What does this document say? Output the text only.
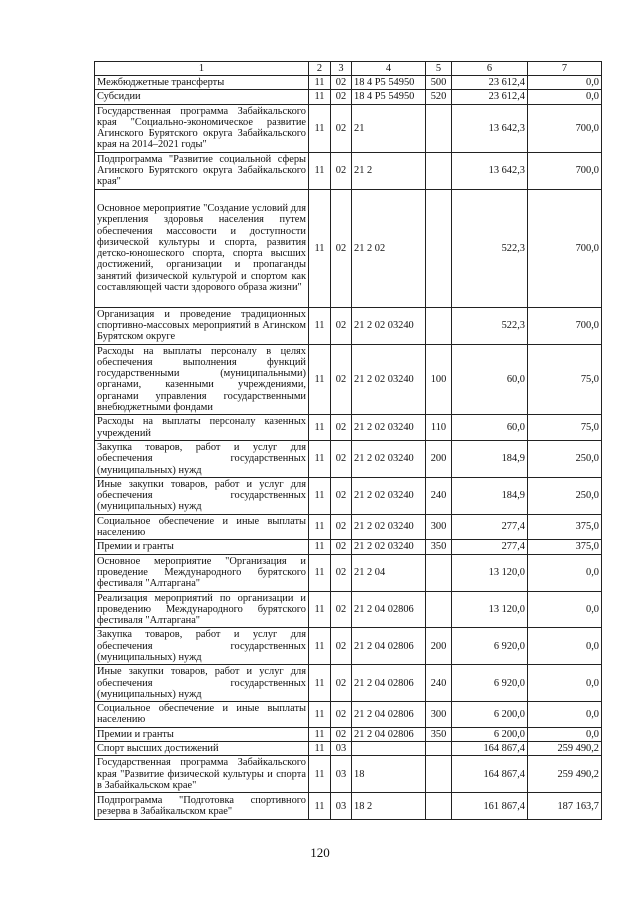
1	2	3	4	5	6	7
Межбюджетные трансферты	11	02	18 4 P5 54950	500	23 612,4	0,0
Субсидии	11	02	18 4 P5 54950	520	23 612,4	0,0
Государственная программа Забайкальского края "Социально-экономическое развитие Агинского Бурятского округа Забайкальского края на 2014–2021 годы"	11	02	21		13 642,3	700,0
Подпрограмма "Развитие социальной сферы Агинского Бурятского округа Забайкальского края"	11	02	21 2		13 642,3	700,0
Основное мероприятие "Создание условий для укрепления здоровья населения путем обеспечения массовости и доступности физической культуры и спорта, развития детско-юношеского спорта, спорта высших достижений, организации и пропаганды занятий физической культурой и спортом как составляющей части здорового образа жизни"	11	02	21 2 02		522,3	700,0
Организация и проведение традиционных спортивно-массовых мероприятий в Агинском Бурятском округе	11	02	21 2 02 03240		522,3	700,0
Расходы на выплаты персоналу в целях обеспечения выполнения функций государственными (муниципальными) органами, казенными учреждениями, органами управления государственными внебюджетными фондами	11	02	21 2 02 03240	100	60,0	75,0
Расходы на выплаты персоналу казенных учреждений	11	02	21 2 02 03240	110	60,0	75,0
Закупка товаров, работ и услуг для обеспечения государственных (муниципальных) нужд	11	02	21 2 02 03240	200	184,9	250,0
Иные закупки товаров, работ и услуг для обеспечения государственных (муниципальных) нужд	11	02	21 2 02 03240	240	184,9	250,0
Социальное обеспечение и иные выплаты населению	11	02	21 2 02 03240	300	277,4	375,0
Премии и гранты	11	02	21 2 02 03240	350	277,4	375,0
Основное мероприятие "Организация и проведение Международного бурятского фестиваля "Алтаргана"	11	02	21 2 04		13 120,0	0,0
Реализация мероприятий по организации и проведению Международного бурятского фестиваля "Алтаргана"	11	02	21 2 04 02806		13 120,0	0,0
Закупка товаров, работ и услуг для обеспечения государственных (муниципальных) нужд	11	02	21 2 04 02806	200	6 920,0	0,0
Иные закупки товаров, работ и услуг для обеспечения государственных (муниципальных) нужд	11	02	21 2 04 02806	240	6 920,0	0,0
Социальное обеспечение и иные выплаты населению	11	02	21 2 04 02806	300	6 200,0	0,0
Премии и гранты	11	02	21 2 04 02806	350	6 200,0	0,0
Спорт высших достижений	11	03			164 867,4	259 490,2
Государственная программа Забайкальского края "Развитие физической культуры и спорта в Забайкальском крае"	11	03	18		164 867,4	259 490,2
Подпрограмма "Подготовка спортивного резерва в Забайкальском крае"	11	03	18 2		161 867,4	187 163,7
120
